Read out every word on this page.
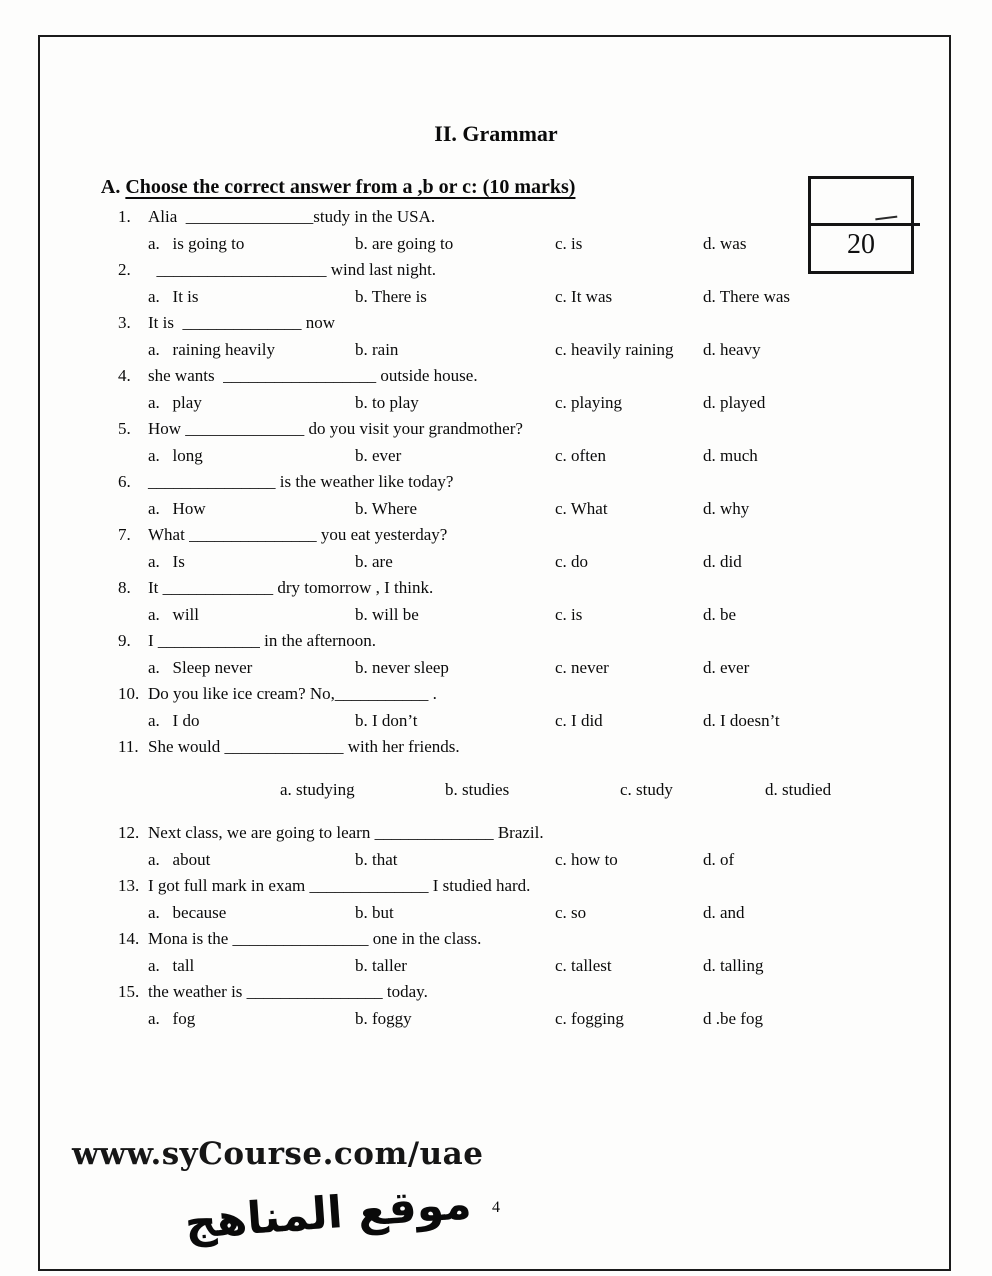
II. Grammar

A. Choose the correct answer from a ,b or c: (10 marks)

20
1. Alia  _______________study in the USA.
a.   is going to	b. are going to	c. is	d. was
2.  ____________________ wind last night.
a.   It is	b. There is	c. It was	d. There was
3. It is  ______________ now
a.   raining heavily	b. rain	c. heavily raining d. heavy
4. she wants  __________________ outside house.
a.   play	b. to play	c. playing	d. played
5. How ______________ do you visit your grandmother?
a.   long	b. ever	c. often	d. much
6. _______________ is the weather like today?
a.   How	b. Where	c. What	d. why
7. What _______________ you eat yesterday?
a.   Is	b. are	c. do	d. did
8. It _____________ dry tomorrow , I think.
a.   will	b. will be	c. is	d. be
9. I ____________ in the afternoon.
a.   Sleep never	b. never sleep	c. never	d. ever
10. Do you like ice cream? No,___________ .
a.   I do	b. I don’t	c. I did	d. I doesn’t
11. She would ______________ with her friends.
a. studying	b. studies	c. study	d. studied
12. Next class, we are going to learn ______________ Brazil.
a.   about	b. that	c. how to	d. of
13. I got full mark in exam ______________ I studied hard.
a.   because	b. but	c. so	d. and
14. Mona is the ________________ one in the class.
a.   tall	b. taller	c. tallest	d. talling
15. the weather is ________________ today.
a.   fog	b. foggy	c. fogging	d .be fog
www.syCourse.com/uae
4
موقع المناهج
